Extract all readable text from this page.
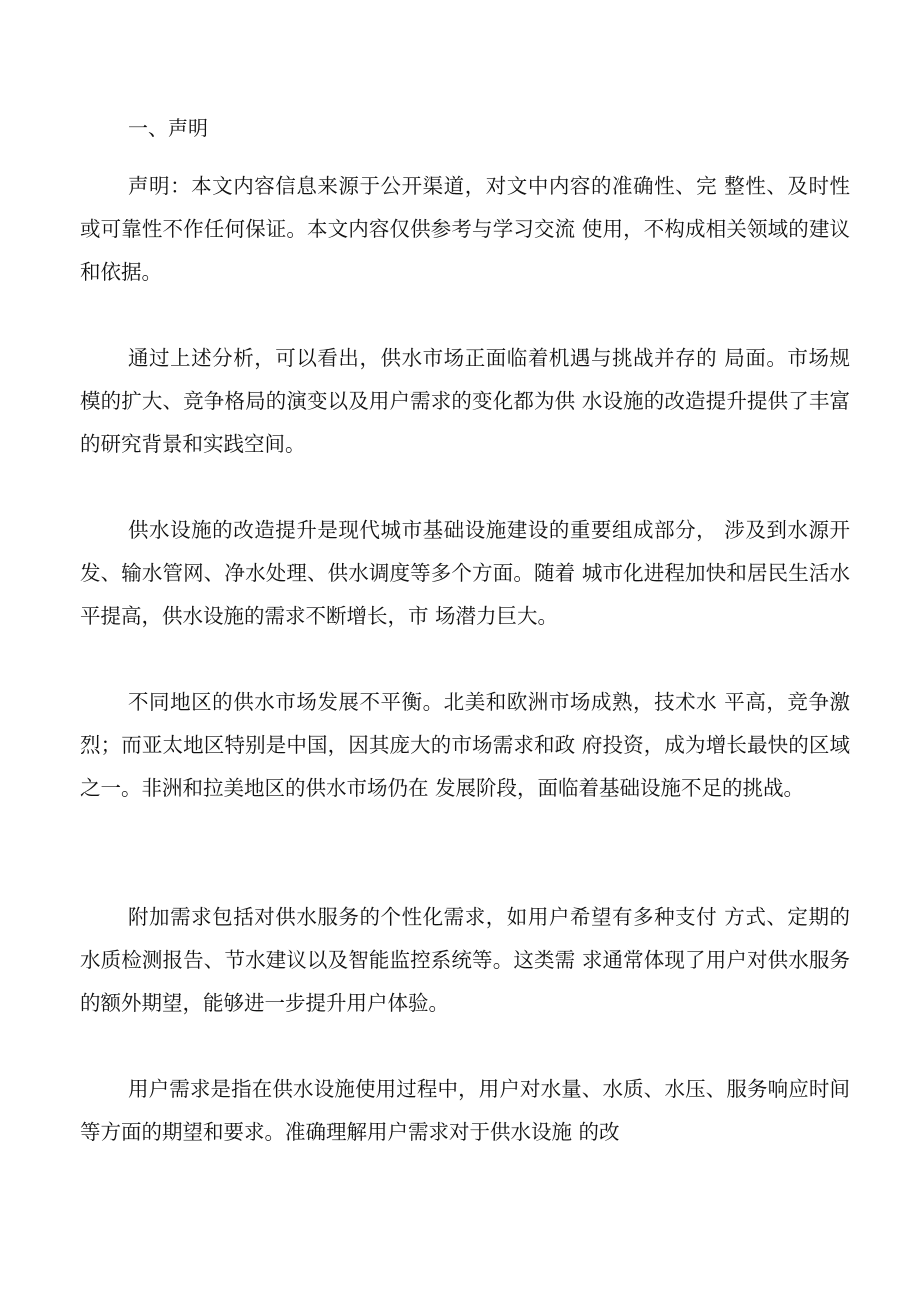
一、声明

声明：本文内容信息来源于公开渠道，对文中内容的准确性、完 整性、及时性或可靠性不作任何保证。本文内容仅供参考与学习交流 使用，不构成相关领域的建议和依据。

通过上述分析，可以看出，供水市场正面临着机遇与挑战并存的 局面。市场规模的扩大、竞争格局的演变以及用户需求的变化都为供 水设施的改造提升提供了丰富的研究背景和实践空间。

供水设施的改造提升是现代城市基础设施建设的重要组成部分， 涉及到水源开发、输水管网、净水处理、供水调度等多个方面。随着 城市化进程加快和居民生活水平提高，供水设施的需求不断增长，市 场潜力巨大。

不同地区的供水市场发展不平衡。北美和欧洲市场成熟，技术水 平高，竞争激烈；而亚太地区特别是中国，因其庞大的市场需求和政 府投资，成为增长最快的区域之一。非洲和拉美地区的供水市场仍在 发展阶段，面临着基础设施不足的挑战。

附加需求包括对供水服务的个性化需求，如用户希望有多种支付 方式、定期的水质检测报告、节水建议以及智能监控系统等。这类需 求通常体现了用户对供水服务的额外期望，能够进一步提升用户体验。

用户需求是指在供水设施使用过程中，用户对水量、水质、水压、服务响应时间等方面的期望和要求。准确理解用户需求对于供水设施 的改
